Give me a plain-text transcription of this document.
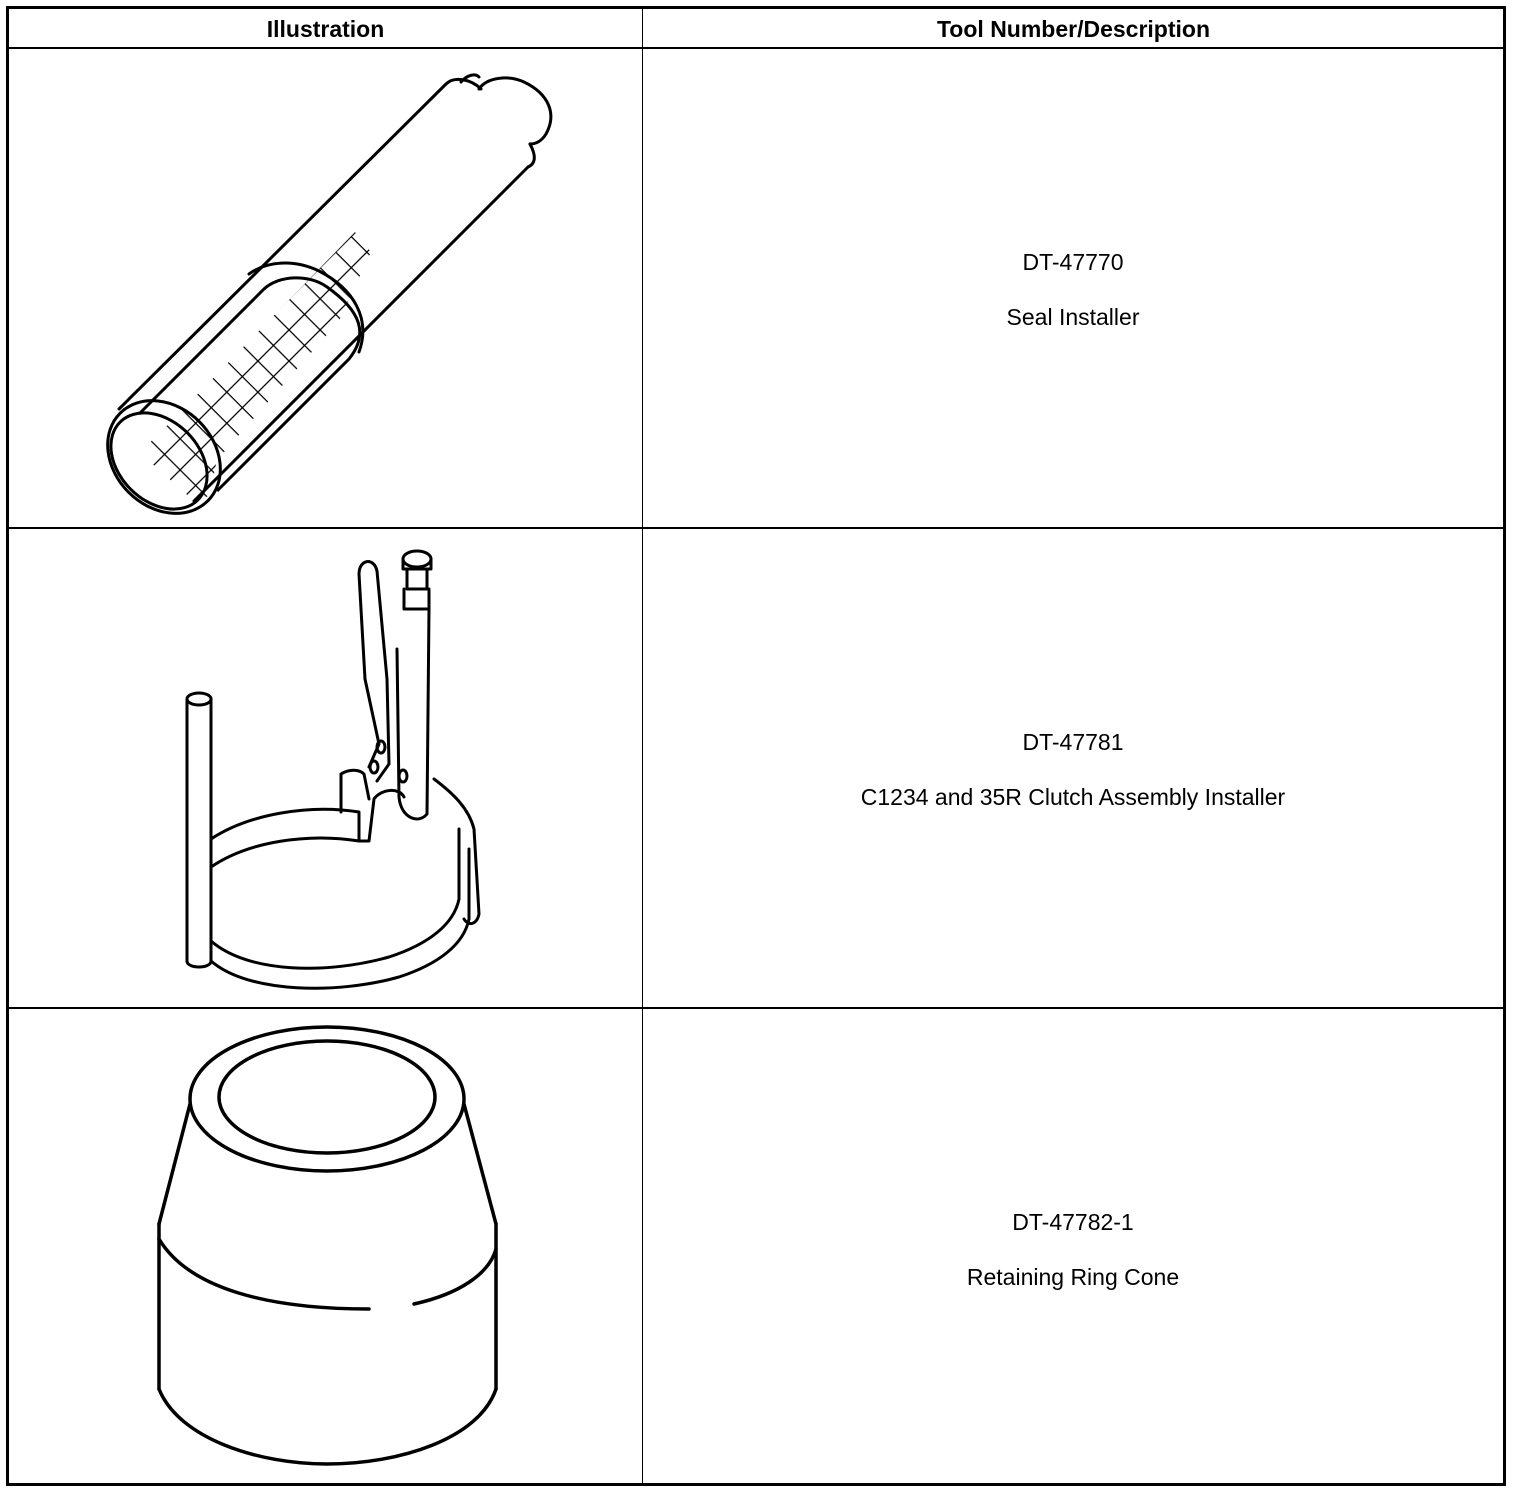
Illustration	Tool Number/Description
DT-47770
Seal Installer
DT-47781
C1234 and 35R Clutch Assembly Installer
DT-47782-1
Retaining Ring Cone
